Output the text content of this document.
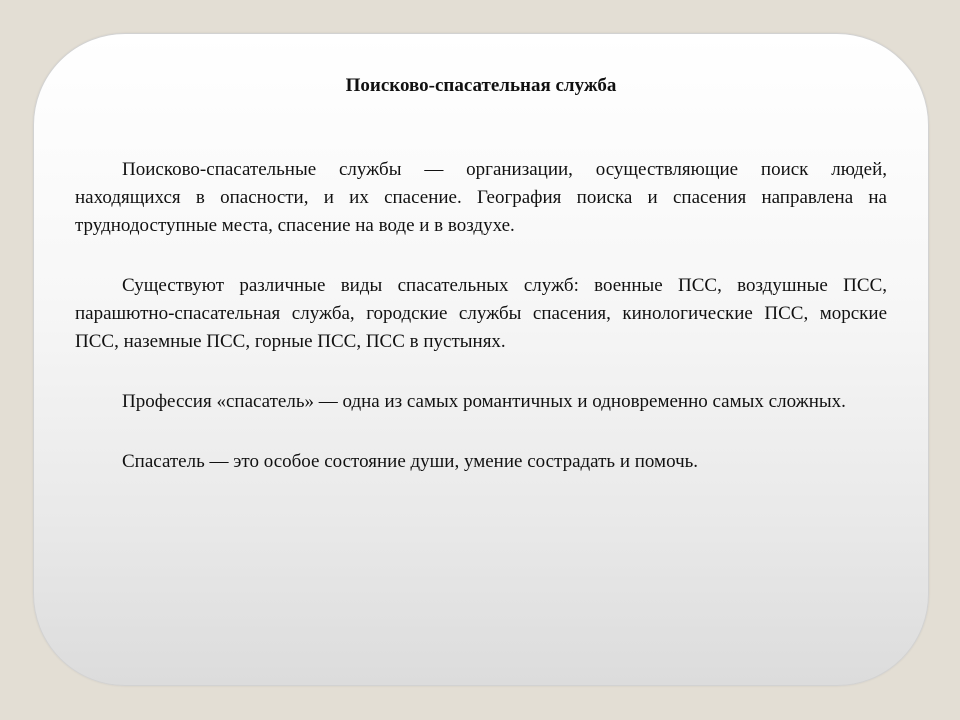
Поисково-спасательная служба

Поисково-спасательные службы — организации, осуществляющие поиск людей, находящихся в опасности, и их спасение. География поиска и спасения направлена на труднодоступные места, спасение на воде и в воздухе.

Существуют различные виды спасательных служб: военные ПСС, воздушные ПСС, парашютно-спасательная служба, городские службы спасения, кинологические ПСС, морские ПСС, наземные ПСС, горные ПСС, ПСС в пустынях.

Профессия «спасатель» — одна из самых романтичных и одновременно самых сложных.

Спасатель — это особое состояние души, умение сострадать и помочь.
